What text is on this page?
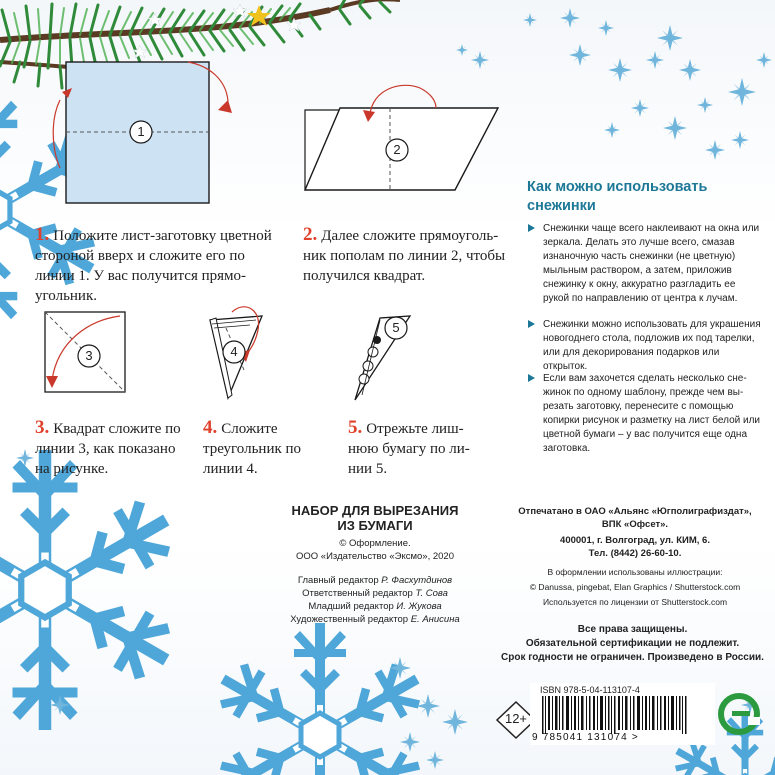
1
2
3	4
5
1. Положите лист-заготовку цветной стороной вверх и сложите его по линии 1. У вас получится прямо-угольник.
2. Далее сложите прямоуголь-ник пополам по линии 2, чтобы получился квадрат.
3. Квадрат сложите по линии 3, как показано на рисунке.
4. Сложите треугольник по линии 4.
5. Отрежьте лиш-нюю бумагу по ли-нии 5.
Как можно использовать снежинки
Снежинки чаще всего наклеивают на окна или зеркала. Делать это лучше всего, смазав изнаночную часть снежинки (не цветную) мыльным раствором, а затем, приложив снежинку к окну, аккуратно разгладить ее рукой по направлению от центра к лучам.
Снежинки можно использовать для украшения новогоднего стола, подложив их под тарелки, или для декорирования подарков или открыток.
Если вам захочется сделать несколько сне-жинок по одному шаблону, прежде чем вы-резать заготовку, перенесите с помощью копирки рисунок и разметку на лист белой или цветной бумаги – у вас получится еще одна заготовка.
НАБОР ДЛЯ ВЫРЕЗАНИЯ
ИЗ БУМАГИ
© Оформление.
ООО «Издательство «Эксмо», 2020
Главный редактор Р. Фасхутдинов
Ответственный редактор Т. Сова
Младший редактор И. Жукова
Художественный редактор Е. Анисина
Отпечатано в ОАО «Альянс «Югполиграфиздат»,
ВПК «Офсет».
400001, г. Волгоград, ул. КИМ, 6.
Тел. (8442) 26-60-10.
В оформлении использованы иллюстрации:
© Danussa, pingebat, Elan Graphics / Shutterstock.com
Используется по лицензии от Shutterstock.com
Все права защищены.
Обязательной сертификации не подлежит.
Срок годности не ограничен. Произведено в России.
12+
ISBN 978-5-04-113107-4
9 785041 131074 >
